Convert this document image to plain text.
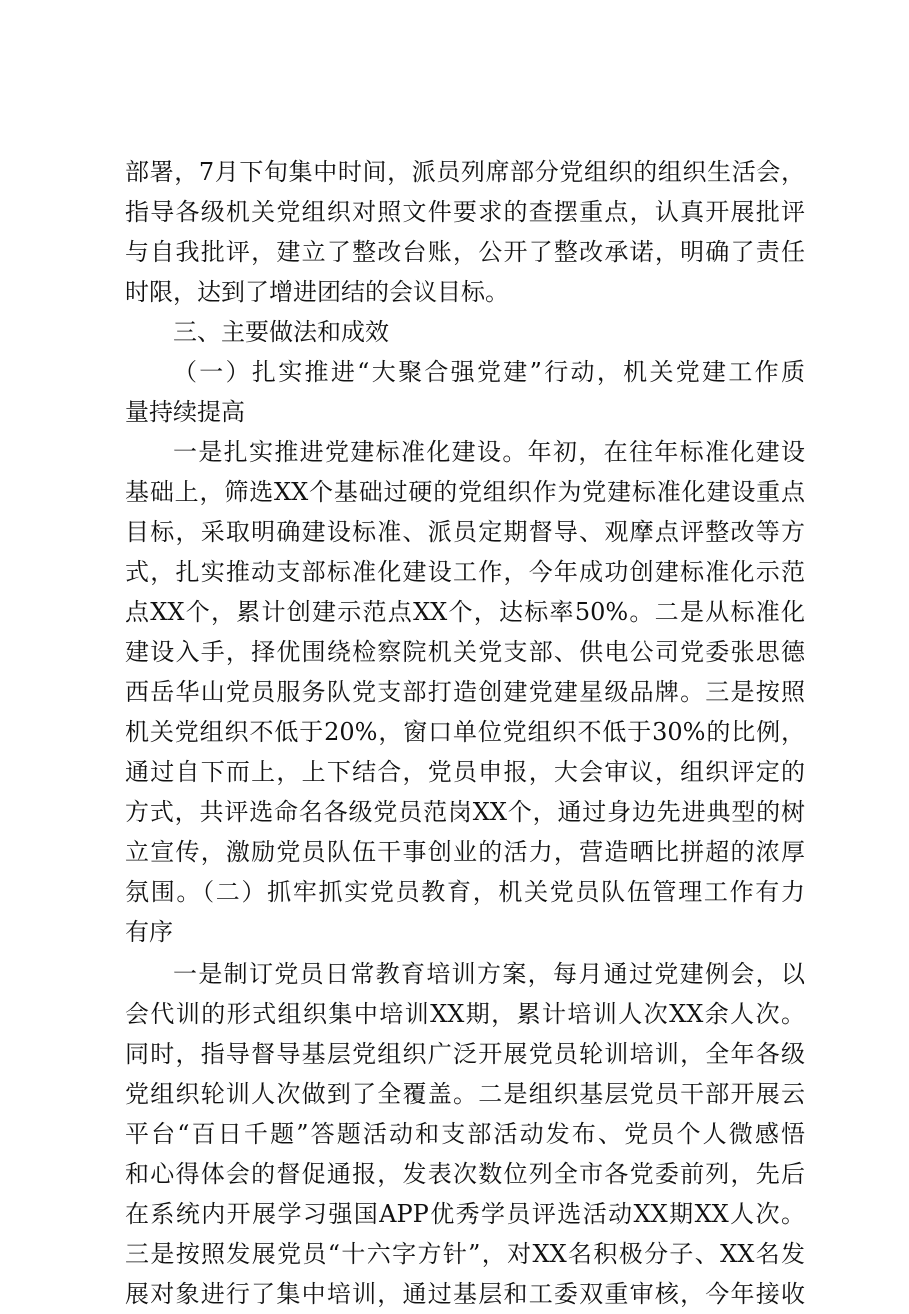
部署，7月下旬集中时间，派员列席部分党组织的组织生活会，

指导各级机关党组织对照文件要求的查摆重点，认真开展批评

与自我批评，建立了整改台账，公开了整改承诺，明确了责任

时限，达到了增进团结的会议目标。

三、主要做法和成效

（一）扎实推进“大聚合强党建”行动，机关党建工作质

量持续提高

一是扎实推进党建标准化建设。年初，在往年标准化建设

基础上，筛选XX个基础过硬的党组织作为党建标准化建设重点

目标，采取明确建设标准、派员定期督导、观摩点评整改等方

式，扎实推动支部标准化建设工作，今年成功创建标准化示范

点XX个，累计创建示范点XX个，达标率50%。二是从标准化

建设入手，择优围绕检察院机关党支部、供电公司党委张思德

西岳华山党员服务队党支部打造创建党建星级品牌。三是按照

机关党组织不低于20%，窗口单位党组织不低于30%的比例，

通过自下而上，上下结合，党员申报，大会审议，组织评定的

方式，共评选命名各级党员范岗XX个，通过身边先进典型的树

立宣传，激励党员队伍干事创业的活力，营造晒比拼超的浓厚

氛围。（二）抓牢抓实党员教育，机关党员队伍管理工作有力

有序

一是制订党员日常教育培训方案，每月通过党建例会，以

会代训的形式组织集中培训XX期，累计培训人次XX余人次。

同时，指导督导基层党组织广泛开展党员轮训培训，全年各级

党组织轮训人次做到了全覆盖。二是组织基层党员干部开展云

平台“百日千题”答题活动和支部活动发布、党员个人微感悟

和心得体会的督促通报，发表次数位列全市各党委前列，先后

在系统内开展学习强国APP优秀学员评选活动XX期XX人次。

三是按照发展党员“十六字方针”，对XX名积极分子、XX名发

展对象进行了集中培训，通过基层和工委双重审核，今年接收
